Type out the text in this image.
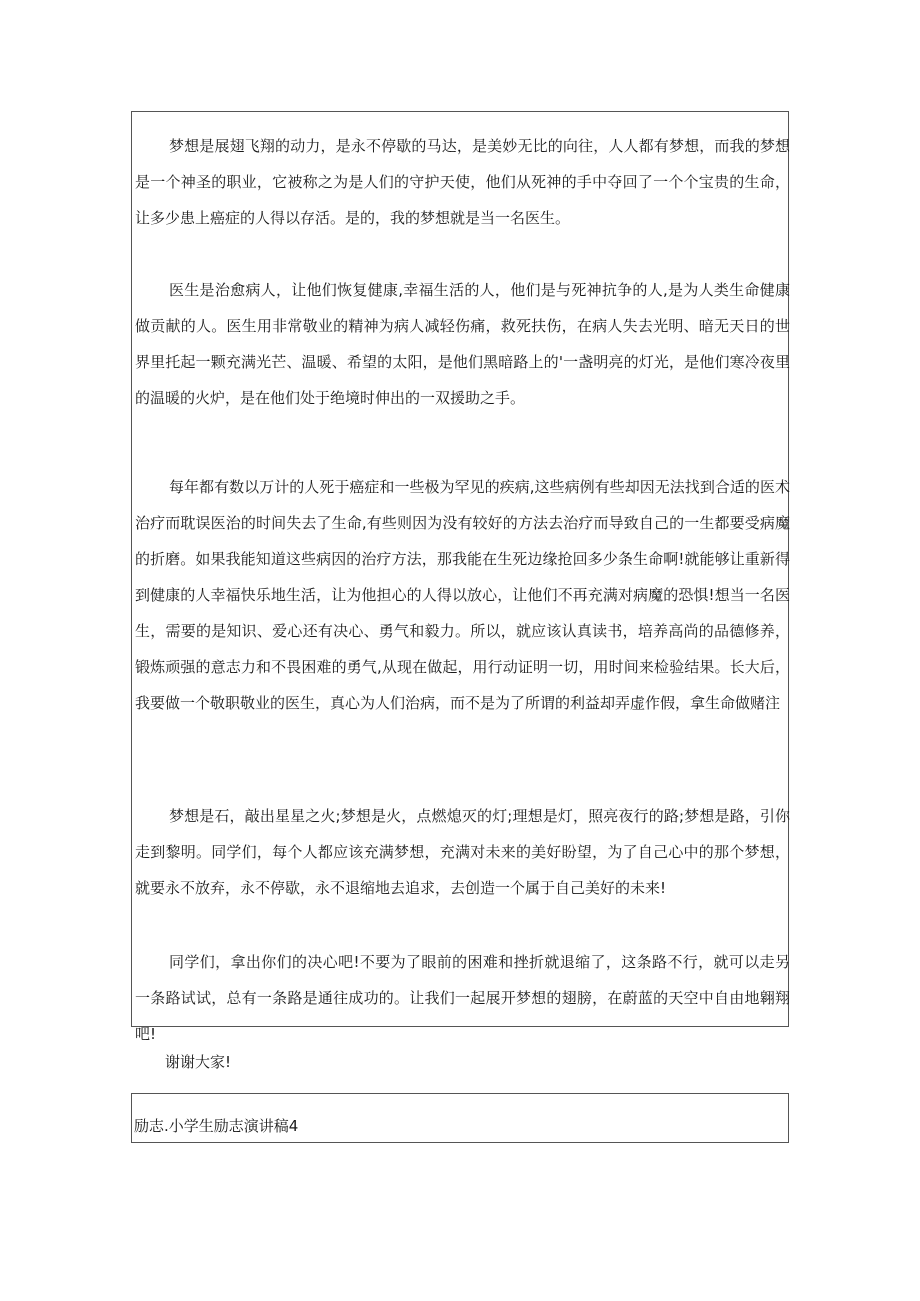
梦想是展翅飞翔的动力，是永不停歇的马达，是美妙无比的向往，人人都有梦想，而我的梦想是一个神圣的职业，它被称之为是人们的守护天使，他们从死神的手中夺回了一个个宝贵的生命，让多少患上癌症的人得以存活。是的，我的梦想就是当一名医生。

医生是治愈病人，让他们恢复健康,幸福生活的人，他们是与死神抗争的人,是为人类生命健康做贡献的人。医生用非常敬业的精神为病人减轻伤痛，救死扶伤，在病人失去光明、暗无天日的世界里托起一颗充满光芒、温暖、希望的太阳，是他们黑暗路上的'一盏明亮的灯光，是他们寒冷夜里的温暖的火炉，是在他们处于绝境时伸出的一双援助之手。

每年都有数以万计的人死于癌症和一些极为罕见的疾病,这些病例有些却因无法找到合适的医术治疗而耽误医治的时间失去了生命,有些则因为没有较好的方法去治疗而导致自己的一生都要受病魔的折磨。如果我能知道这些病因的治疗方法，那我能在生死边缘抢回多少条生命啊!就能够让重新得到健康的人幸福快乐地生活，让为他担心的人得以放心，让他们不再充满对病魔的恐惧!想当一名医生，需要的是知识、爱心还有决心、勇气和毅力。所以，就应该认真读书，培养高尚的品德修养，锻炼顽强的意志力和不畏困难的勇气,从现在做起，用行动证明一切，用时间来检验结果。长大后，我要做一个敬职敬业的医生，真心为人们治病，而不是为了所谓的利益却弄虚作假，拿生命做赌注

梦想是石，敲出星星之火;梦想是火，点燃熄灭的灯;理想是灯，照亮夜行的路;梦想是路，引你走到黎明。同学们，每个人都应该充满梦想，充满对未来的美好盼望，为了自己心中的那个梦想，就要永不放弃，永不停歇，永不退缩地去追求，去创造一个属于自己美好的未来!

同学们，拿出你们的决心吧!不要为了眼前的困难和挫折就退缩了，这条路不行，就可以走另一条路试试，总有一条路是通往成功的。让我们一起展开梦想的翅膀，在蔚蓝的天空中自由地翱翔吧!

谢谢大家!

励志.小学生励志演讲稿4
